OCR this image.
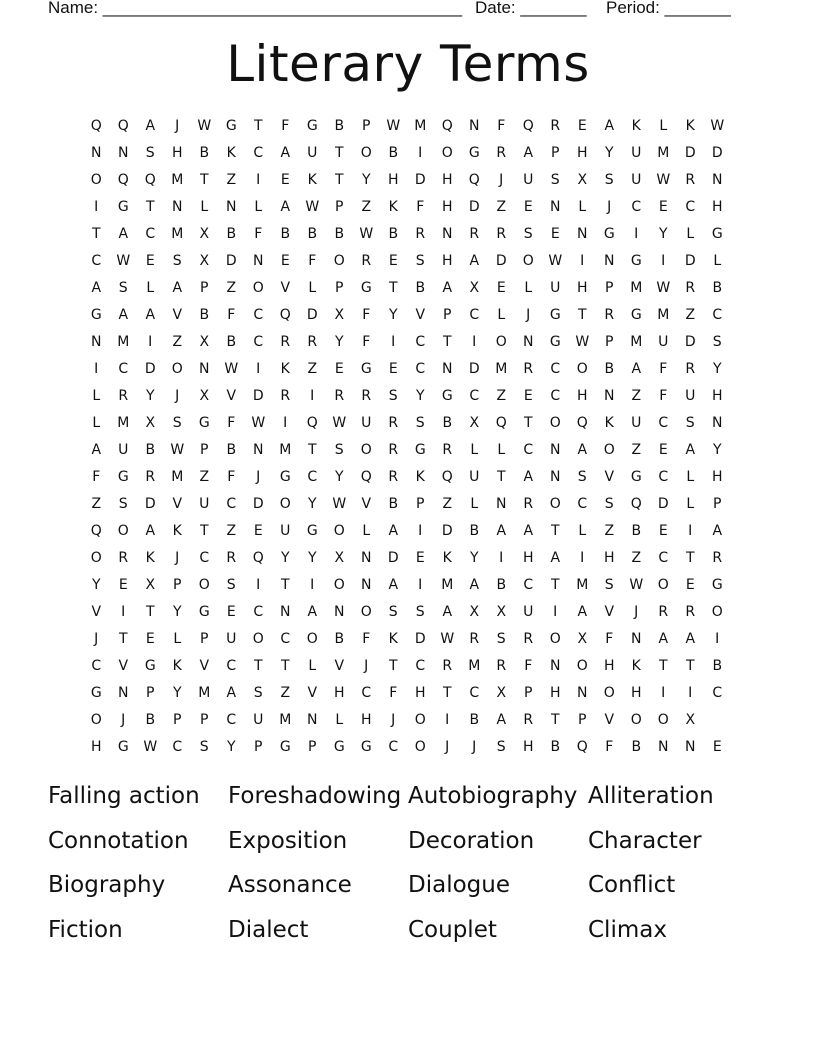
Name: ______________________________________

Date: _______

Period: _______

Literary Terms
Q	Q	A	J	W	G	T	F	G	B	P	W M	Q	N	F	Q	R	E	A	K	L	K	W
N	N	S	H	B	K	C	A	U	T	O	B	I	O	G	R	A	P	H	Y	U	M	D	D
O	Q	Q	M	T	Z	I	E	K	T	Y	H	D	H	Q	J	U	S	X	S	U	W	R	N
I	G	T	N	L	N	L	A	W	P	Z	K	F	H	D	Z	E	N	L	J	C	E	C	H
T	A	C	M	X	B	F	B	B	B	W	B	R	N	R	R	S	E	N	G	I	Y	L	G
C	W	E	S	X	D	N	E	F	O	R	E	S	H	A	D	O	W	I	N	G	I	D	L
A	S	L	A	P	Z	O	V	L	P	G	T	B	A	X	E	L	U	H	P	M W	R	B
G	A	A	V	B	F	C	Q	D	X	F	Y	V	P	C	L	J	G	T	R	G	M	Z	C
N	M	I	Z	X	B	C	R	R	Y	F	I	C	T	I	O	N	G	W	P	M	U	D	S
I	C	D	O	N	W	I	K	Z	E	G	E	C	N	D	M	R	C	O	B	A	F	R	Y
L	R	Y	J	X	V	D	R	I	R	R	S	Y	G	C	Z	E	C	H	N	Z	F	U	H
L	M	X	S	G	F	W	I	Q	W	U	R	S	B	X	Q	T	O	Q	K	U	C	S	N
A	U	B	W	P	B	N	M	T	S	O	R	G	R	L	L	C	N	A	O	Z	E	A	Y
F	G	R	M	Z	F	J	G	C	Y	Q	R	K	Q	U	T	A	N	S	V	G	C	L	H
Z	S	D	V	U	C	D	O	Y	W	V	B	P	Z	L	N	R	O	C	S	Q	D	L	P
Q	O	A	K	T	Z	E	U	G	O	L	A	I	D	B	A	A	T	L	Z	B	E	I	A
O	R	K	J	C	R	Q	Y	Y	X	N	D	E	K	Y	I	H	A	I	H	Z	C	T	R
Y	E	X	P	O	S	I	T	I	O	N	A	I	M	A	B	C	T	M	S	W	O	E	G
V	I	T	Y	G	E	C	N	A	N	O	S	S	A	X	X	U	I	A	V	J	R	R	O
J	T	E	L	P	U	O	C	O	B	F	K	D	W	R	S	R	O	X	F	N	A	A	I
C	V	G	K	V	C	T	T	L	V	J	T	C	R	M	R	F	N	O	H	K	T	T	B
G	N	P	Y	M	A	S	Z	V	H	C	F	H	T	C	X	P	H	N	O	H	I	I	C
O	J	B	P	P	C	U	M	N	L	H	J	O	I	B	A	R	T	P	V	O	O	X
H	G	W	C	S	Y	P	G	P	G	G	C	O	J	J	S	H	B	Q	F	B	N	N	E
Falling action	Foreshadowing Autobiography Alliteration
Connotation	Exposition	Decoration	Character
Biography	Assonance	Dialogue	Conflict
Fiction	Dialect	Couplet	Climax
